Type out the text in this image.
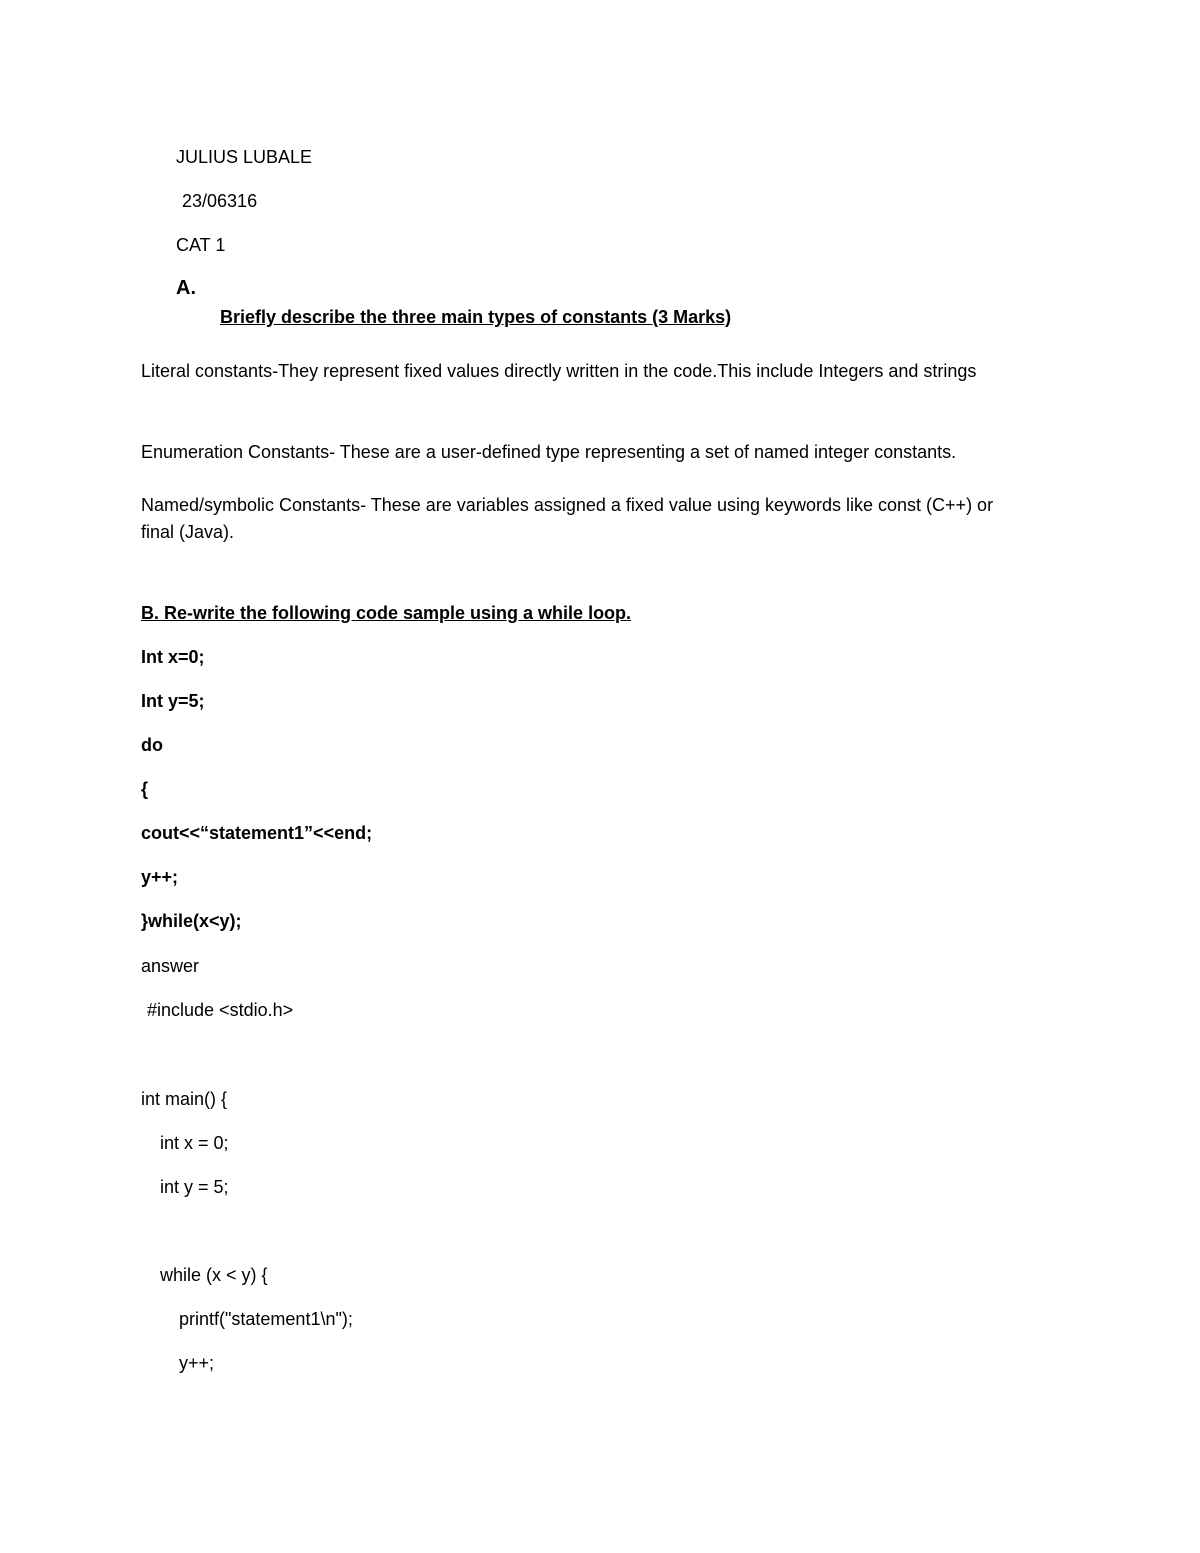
JULIUS LUBALE
23/06316
CAT 1
A.
Briefly describe the three main types of constants (3 Marks)
Literal constants-They represent fixed values directly written in the code.This include Integers and strings
Enumeration Constants- These are a user-defined type representing a set of named integer constants.
Named/symbolic Constants- These are variables assigned a fixed value using keywords like const (C++) or final (Java).
B. Re-write the following code sample using a while loop.
Int x=0;
Int y=5;
do
{
cout<<“statement1”<<end;
y++;
}while(x<y);
answer
#include <stdio.h>
int main() {
int x = 0;
int y = 5;
while (x < y) {
printf("statement1\n");
y++;
